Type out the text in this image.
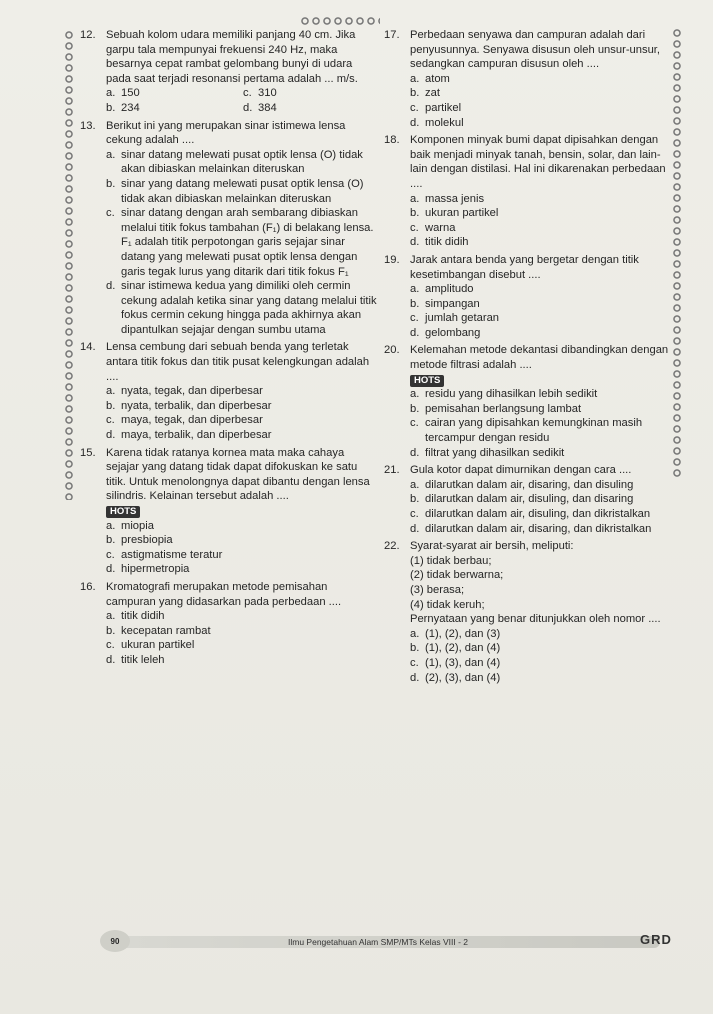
12. Sebuah kolom udara memiliki panjang 40 cm. Jika garpu tala mempunyai frekuensi 240 Hz, maka besarnya cepat rambat gelombang bunyi di udara pada saat terjadi resonansi pertama adalah ... m/s.
a. 150	c. 310
b. 234	d. 384
13. Berikut ini yang merupakan sinar istimewa lensa cekung adalah ....
a. sinar datang melewati pusat optik lensa (O) tidak akan dibiaskan melainkan diteruskan
b. sinar yang datang melewati pusat optik lensa (O) tidak akan dibiaskan melainkan diteruskan
c. sinar datang dengan arah sembarang dibiaskan melalui titik fokus tambahan (F₁) di belakang lensa. F₁ adalah titik perpotongan garis sejajar sinar datang yang melewati pusat optik lensa dengan garis tegak lurus yang ditarik dari titik fokus F₁
d. sinar istimewa kedua yang dimiliki oleh cermin cekung adalah ketika sinar yang datang melalui titik fokus cermin cekung hingga pada akhirnya akan dipantulkan sejajar dengan sumbu utama
14. Lensa cembung dari sebuah benda yang terletak antara titik fokus dan titik pusat kelengkungan adalah ....
a. nyata, tegak, dan diperbesar
b. nyata, terbalik, dan diperbesar
c. maya, tegak, dan diperbesar
d. maya, terbalik, dan diperbesar
15. Karena tidak ratanya kornea mata maka cahaya sejajar yang datang tidak dapat difokuskan ke satu titik. Untuk menolongnya dapat dibantu dengan lensa silindris. Kelainan tersebut adalah ....
HOTS
a. miopia
b. presbiopia
c. astigmatisme teratur
d. hipermetropia
16. Kromatografi merupakan metode pemisahan campuran yang didasarkan pada perbedaan ....
a. titik didih
b. kecepatan rambat
c. ukuran partikel
d. titik leleh
17. Perbedaan senyawa dan campuran adalah dari penyusunnya. Senyawa disusun oleh unsur-unsur, sedangkan campuran disusun oleh ....
a. atom
b. zat
c. partikel
d. molekul
18. Komponen minyak bumi dapat dipisahkan dengan baik menjadi minyak tanah, bensin, solar, dan lain-lain dengan distilasi. Hal ini dikarenakan perbedaan ....
a. massa jenis
b. ukuran partikel
c. warna
d. titik didih
19. Jarak antara benda yang bergetar dengan titik kesetimbangan disebut ....
a. amplitudo
b. simpangan
c. jumlah getaran
d. gelombang
20. Kelemahan metode dekantasi dibandingkan dengan metode filtrasi adalah ....
HOTS
a. residu yang dihasilkan lebih sedikit
b. pemisahan berlangsung lambat
c. cairan yang dipisahkan kemungkinan masih tercampur dengan residu
d. filtrat yang dihasilkan sedikit
21. Gula kotor dapat dimurnikan dengan cara ....
a. dilarutkan dalam air, disaring, dan disuling
b. dilarutkan dalam air, disuling, dan disaring
c. dilarutkan dalam air, disuling, dan dikristalkan
d. dilarutkan dalam air, disaring, dan dikristalkan
22. Syarat-syarat air bersih, meliputi:
(1) tidak berbau;
(2) tidak berwarna;
(3) berasa;
(4) tidak keruh;
Pernyataan yang benar ditunjukkan oleh nomor ....
a. (1), (2), dan (3)
b. (1), (2), dan (4)
c. (1), (3), dan (4)
d. (2), (3), dan (4)
90	Ilmu Pengetahuan Alam SMP/MTs Kelas VIII - 2	GRD
